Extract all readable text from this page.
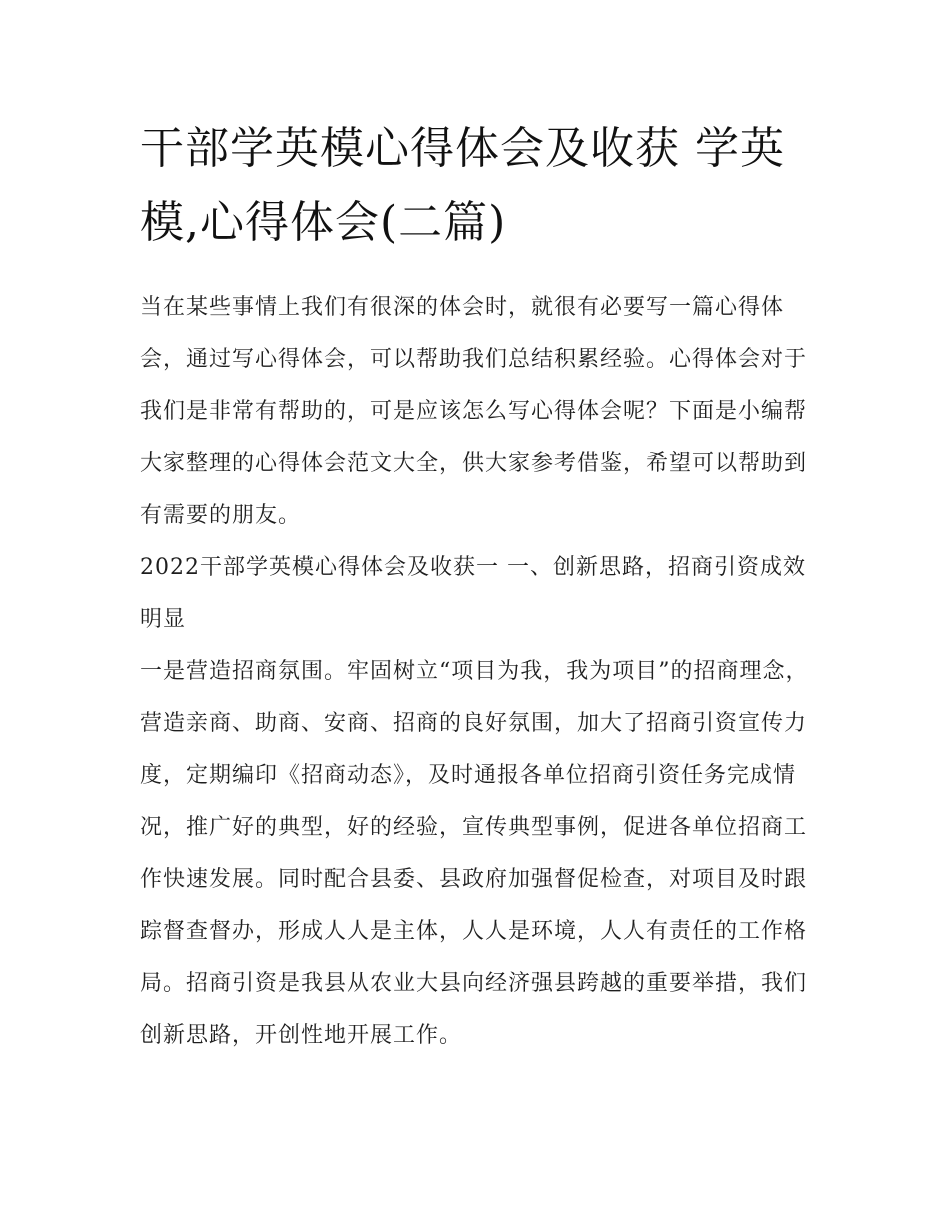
干部学英模心得体会及收获 学英模,心得体会(二篇)

当在某些事情上我们有很深的体会时，就很有必要写一篇心得体会，通过写心得体会，可以帮助我们总结积累经验。心得体会对于我们是非常有帮助的，可是应该怎么写心得体会呢？下面是小编帮大家整理的心得体会范文大全，供大家参考借鉴，希望可以帮助到有需要的朋友。

2022干部学英模心得体会及收获一 一、创新思路，招商引资成效明显

一是营造招商氛围。牢固树立“项目为我，我为项目”的招商理念，营造亲商、助商、安商、招商的良好氛围，加大了招商引资宣传力度，定期编印《招商动态》，及时通报各单位招商引资任务完成情况，推广好的典型，好的经验，宣传典型事例，促进各单位招商工作快速发展。同时配合县委、县政府加强督促检查，对项目及时跟踪督查督办，形成人人是主体，人人是环境，人人有责任的工作格局。招商引资是我县从农业大县向经济强县跨越的重要举措，我们创新思路，开创性地开展工作。
